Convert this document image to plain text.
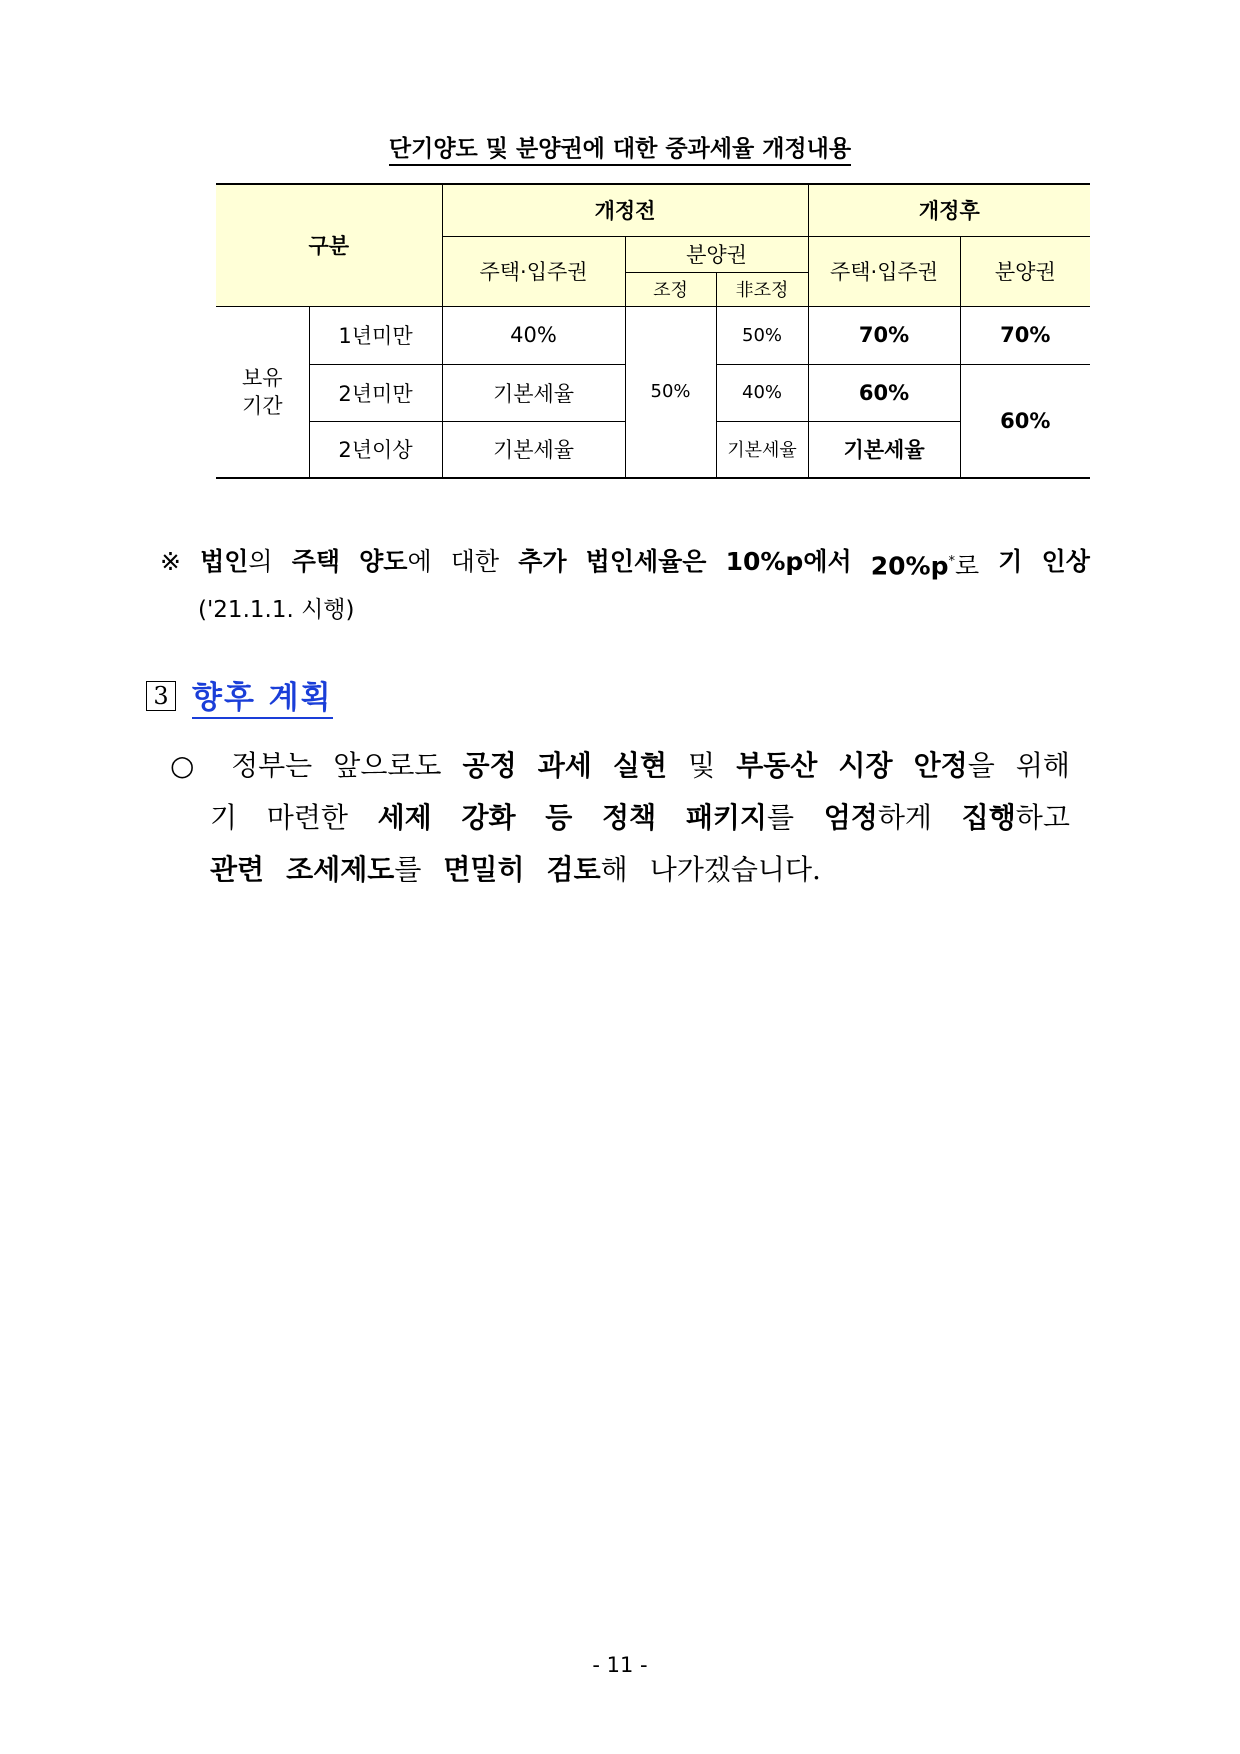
단기양도 및 분양권에 대한 중과세율 개정내용
구분		개정전			개정후	
		주택·입주권	분양권		주택·입주권	분양권
			조정	非조정		
보유
기간	1년미만	40%	50%	50%	70%	70%
	2년미만	기본세율		40%	60%	60%
	2년이상	기본세율		기본세율	기본세율	
※ 법인의 주택 양도에 대한 추가 법인세율은 10%p에서 20%p*로 기 인상
('21.1.1. 시행)
3 향후 계획
○	정부는 앞으로도 공정 과세 실현 및 부동산 시장 안정을 위해
기 마련한 세제 강화 등 정책 패키지를 엄정하게 집행하고
관련 조세제도를 면밀히 검토해 나가겠습니다.
- 11 -
